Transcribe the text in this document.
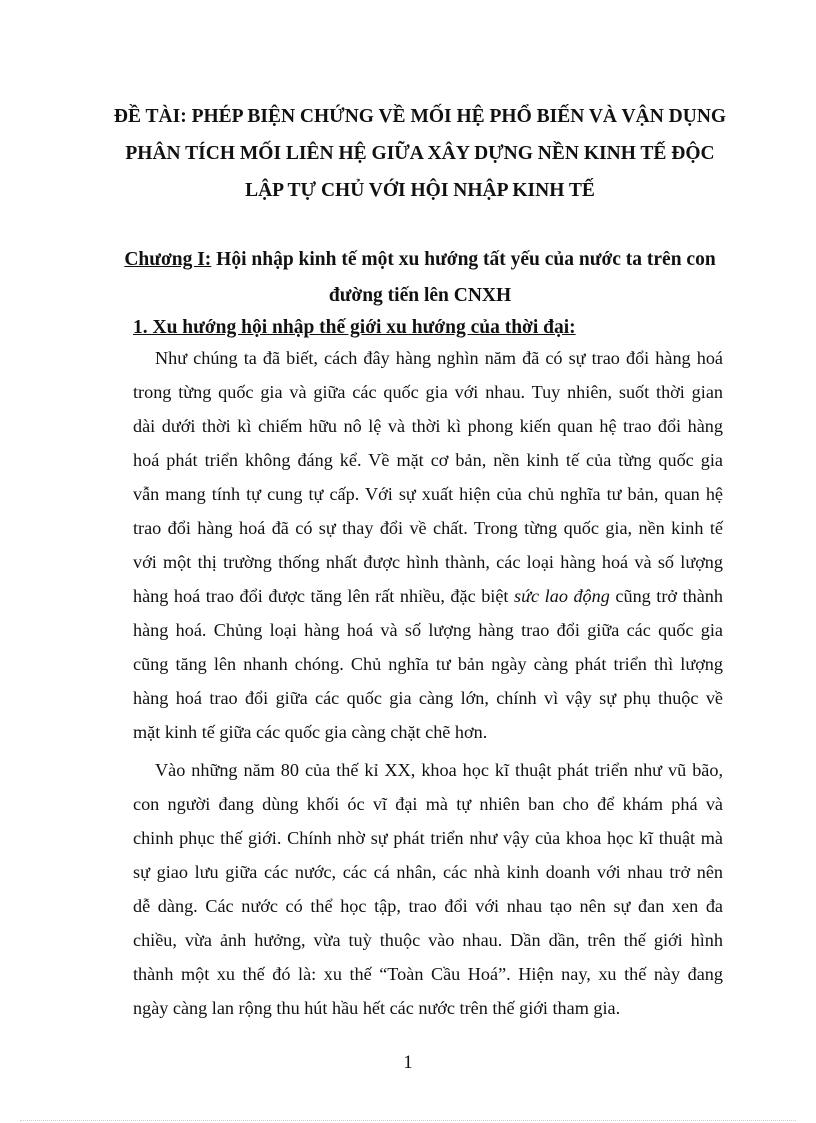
ĐỀ TÀI: PHÉP BIỆN CHỨNG VỀ MỐI HỆ PHỔ BIẾN VÀ VẬN DỤNG
PHÂN TÍCH MỐI LIÊN HỆ GIỮA XÂY DỰNG NỀN KINH TẾ ĐỘC
LẬP TỰ CHỦ VỚI HỘI NHẬP KINH TẾ
Chương I: Hội nhập kinh tế một xu hướng tất yếu của nước ta trên con
đường tiến lên CNXH
1. Xu hướng hội nhập thế giới xu hướng của thời đại:
Như chúng ta đã biết, cách đây hàng nghìn năm đã có sự trao đổi hàng hoá
trong từng quốc gia và giữa các quốc gia với nhau. Tuy nhiên, suốt thời gian
dài dưới thời kì chiếm hữu nô lệ và thời kì phong kiến quan hệ trao đổi hàng
hoá phát triển không đáng kể. Về mặt cơ bản, nền kinh tế của từng quốc gia
vẫn mang tính tự cung tự cấp. Với sự xuất hiện của chủ nghĩa tư bản, quan hệ
trao đổi hàng hoá đã có sự thay đổi về chất. Trong từng quốc gia, nền kinh tế
với một thị trường thống nhất được hình thành, các loại hàng hoá và số lượng
hàng hoá trao đổi được tăng lên rất nhiều, đặc biệt sức lao động cũng trở thành
hàng hoá. Chủng loại hàng hoá và số lượng hàng trao đổi giữa các quốc gia
cũng tăng lên nhanh chóng. Chủ nghĩa tư bản ngày càng phát triển thì lượng
hàng hoá trao đổi giữa các quốc gia càng lớn, chính vì vậy sự phụ thuộc về
mặt kinh tế giữa các quốc gia càng chặt chẽ hơn.
Vào những năm 80 của thế kỉ XX, khoa học kĩ thuật phát triển như vũ bão,
con người đang dùng khối óc vĩ đại mà tự nhiên ban cho để khám phá và
chinh phục thế giới. Chính nhờ sự phát triển như vậy của khoa học kĩ thuật mà
sự giao lưu giữa các nước, các cá nhân, các nhà kinh doanh với nhau trở nên
dễ dàng. Các nước có thể học tập, trao đổi với nhau tạo nên sự đan xen đa
chiều, vừa ảnh hưởng, vừa tuỳ thuộc vào nhau. Dần dần, trên thế giới hình
thành một xu thế đó là: xu thế “Toàn Cầu Hoá”. Hiện nay, xu thế này đang
ngày càng lan rộng thu hút hầu hết các nước trên thế giới tham gia.
1
